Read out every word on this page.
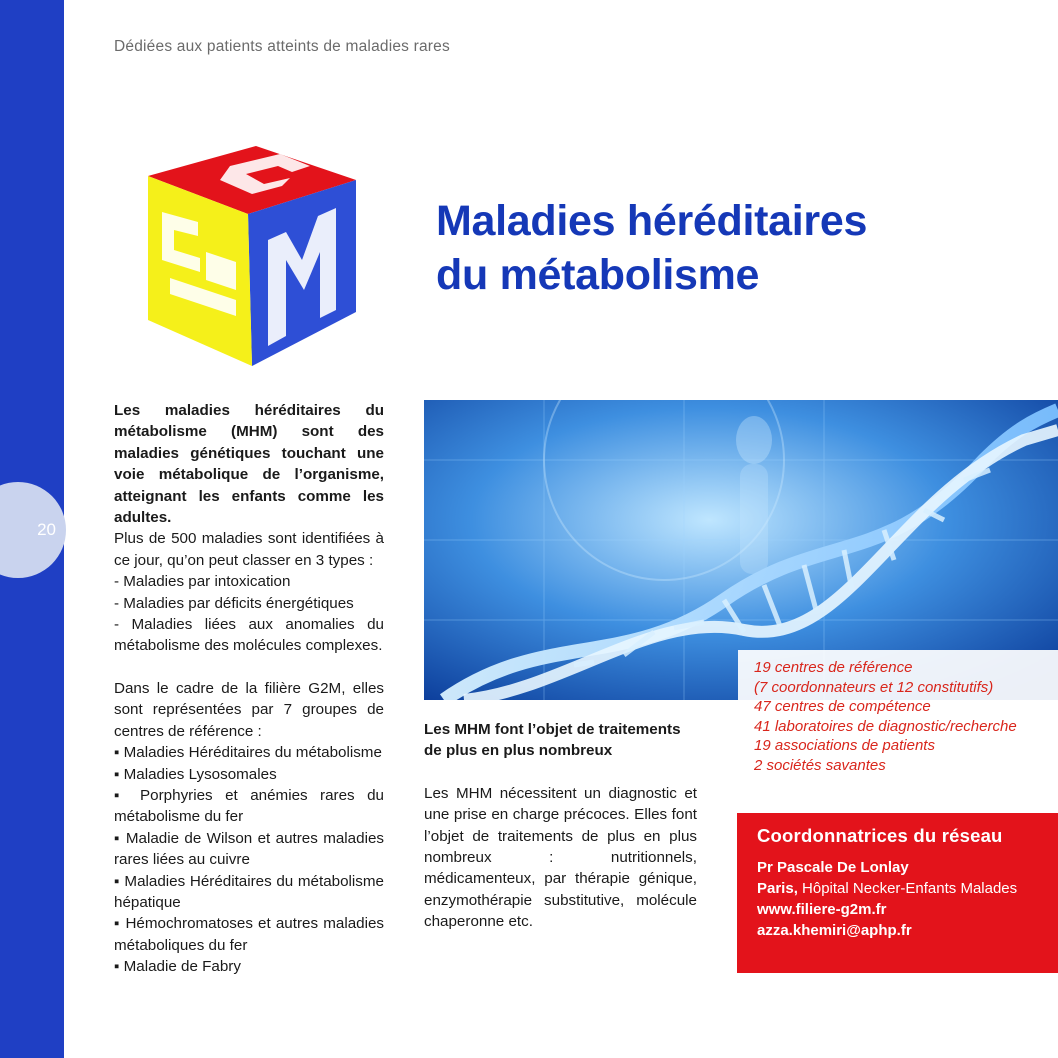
20
Dédiées aux patients atteints de maladies rares
Maladies héréditaires
du métabolisme

Les maladies héréditaires du métabolisme (MHM) sont des maladies génétiques touchant une voie métabolique de l’organisme, atteignant les enfants comme les adultes.

Plus de 500 maladies sont identifiées à ce jour, qu’on peut classer en 3 types :

- Maladies par intoxication

- Maladies par déficits énergétiques

- Maladies liées aux anomalies du métabolisme des molécules complexes.

Dans le cadre de la filière G2M, elles sont représentées par 7 groupes de centres de référence :

▪ Maladies Héréditaires du métabolisme

▪ Maladies Lysosomales

▪ Porphyries et anémies rares du métabolisme du fer

▪ Maladie de Wilson et autres maladies rares liées au cuivre

▪ Maladies Héréditaires du métabolisme hépatique

▪ Hémochromatoses et autres maladies métaboliques du fer

▪ Maladie de Fabry

Les MHM font l’objet de traitements de plus en plus nombreux

Les MHM nécessitent un diagnostic et une prise en charge précoces. Elles font l’objet de traitements de plus en plus nombreux : nutritionnels, médicamenteux, par thérapie génique, enzymothérapie substitutive, molécule chaperonne etc.

19 centres de référence
(7 coordonnateurs et 12 constitutifs)
47 centres de compétence
41 laboratoires de diagnostic/recherche
19 associations de patients
2 sociétés savantes
Coordonnatrices du réseau
Pr Pascale De Lonlay
Paris, Hôpital Necker-Enfants Malades
www.filiere-g2m.fr
azza.khemiri@aphp.fr
